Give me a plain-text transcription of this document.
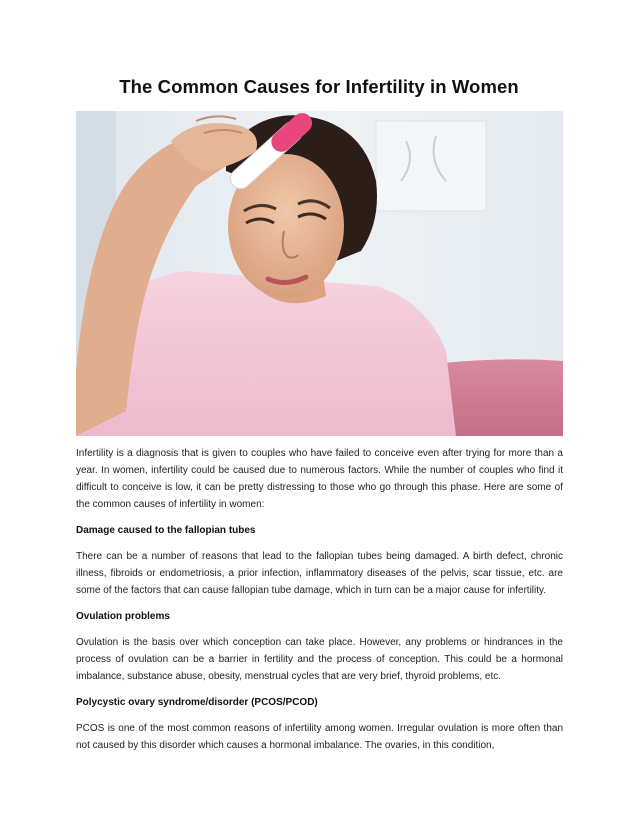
The Common Causes for Infertility in Women

Infertility is a diagnosis that is given to couples who have failed to conceive even after trying for more than a year. In women, infertility could be caused due to numerous factors. While the number of couples who find it difficult to conceive is low, it can be pretty distressing to those who go through this phase. Here are some of the common causes of infertility in women:

Damage caused to the fallopian tubes

There can be a number of reasons that lead to the fallopian tubes being damaged. A birth defect, chronic illness, fibroids or endometriosis, a prior infection, inflammatory diseases of the pelvis, scar tissue, etc. are some of the factors that can cause fallopian tube damage, which in turn can be a major cause for infertility.

Ovulation problems

Ovulation is the basis over which conception can take place. However, any problems or hindrances in the process of ovulation can be a barrier in fertility and the process of conception. This could be a hormonal imbalance, substance abuse, obesity, menstrual cycles that are very brief, thyroid problems, etc.

Polycystic ovary syndrome/disorder (PCOS/PCOD)

PCOS is one of the most common reasons of infertility among women. Irregular ovulation is more often than not caused by this disorder which causes a hormonal imbalance. The ovaries, in this condition,
